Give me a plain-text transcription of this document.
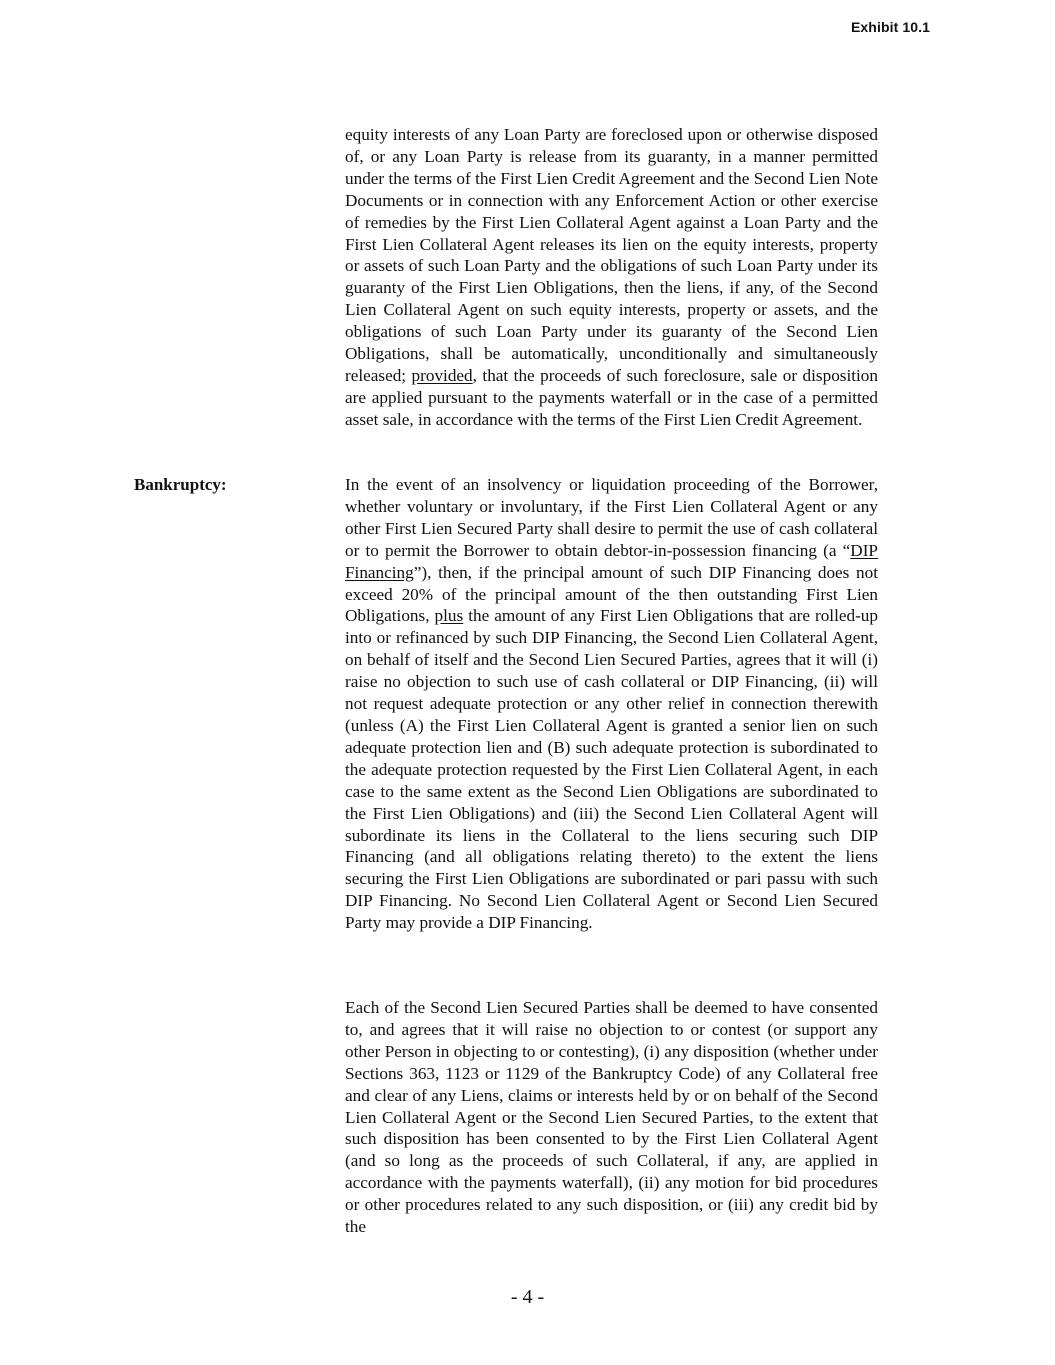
Exhibit 10.1

equity interests of any Loan Party are foreclosed upon or otherwise disposed of, or any Loan Party is release from its guaranty, in a manner permitted under the terms of the First Lien Credit Agreement and the Second Lien Note Documents or in connection with any Enforcement Action or other exercise of remedies by the First Lien Collateral Agent against a Loan Party and the First Lien Collateral Agent releases its lien on the equity interests, property or assets of such Loan Party and the obligations of such Loan Party under its guaranty of the First Lien Obligations, then the liens, if any, of the Second Lien Collateral Agent on such equity interests, property or assets, and the obligations of such Loan Party under its guaranty of the Second Lien Obligations, shall be automatically, unconditionally and simultaneously released; provided, that the proceeds of such foreclosure, sale or disposition are applied pursuant to the payments waterfall or in the case of a permitted asset sale, in accordance with the terms of the First Lien Credit Agreement.

Bankruptcy:	In the event of an insolvency or liquidation proceeding of the Borrower, whether voluntary or involuntary, if the First Lien Collateral Agent or any other First Lien Secured Party shall desire to permit the use of cash collateral or to permit the Borrower to obtain debtor-in-possession financing (a “DIP Financing”), then, if the principal amount of such DIP Financing does not exceed 20% of the principal amount of the then outstanding First Lien Obligations, plus the amount of any First Lien Obligations that are rolled-up into or refinanced by such DIP Financing, the Second Lien Collateral Agent, on behalf of itself and the Second Lien Secured Parties, agrees that it will (i) raise no objection to such use of cash collateral or DIP Financing, (ii) will not request adequate protection or any other relief in connection therewith (unless (A) the First Lien Collateral Agent is granted a senior lien on such adequate protection lien and (B) such adequate protection is subordinated to the adequate protection requested by the First Lien Collateral Agent, in each case to the same extent as the Second Lien Obligations are subordinated to the First Lien Obligations) and (iii) the Second Lien Collateral Agent will subordinate its liens in the Collateral to the liens securing such DIP Financing (and all obligations relating thereto) to the extent the liens securing the First Lien Obligations are subordinated or pari passu with such DIP Financing. No Second Lien Collateral Agent or Second Lien Secured Party may provide a DIP Financing.

Each of the Second Lien Secured Parties shall be deemed to have consented to, and agrees that it will raise no objection to or contest (or support any other Person in objecting to or contesting), (i) any disposition (whether under Sections 363, 1123 or 1129 of the Bankruptcy Code) of any Collateral free and clear of any Liens, claims or interests held by or on behalf of the Second Lien Collateral Agent or the Second Lien Secured Parties, to the extent that such disposition has been consented to by the First Lien Collateral Agent (and so long as the proceeds of such Collateral, if any, are applied in accordance with the payments waterfall), (ii) any motion for bid procedures or other procedures related to any such disposition, or (iii) any credit bid by the

- 4 -
